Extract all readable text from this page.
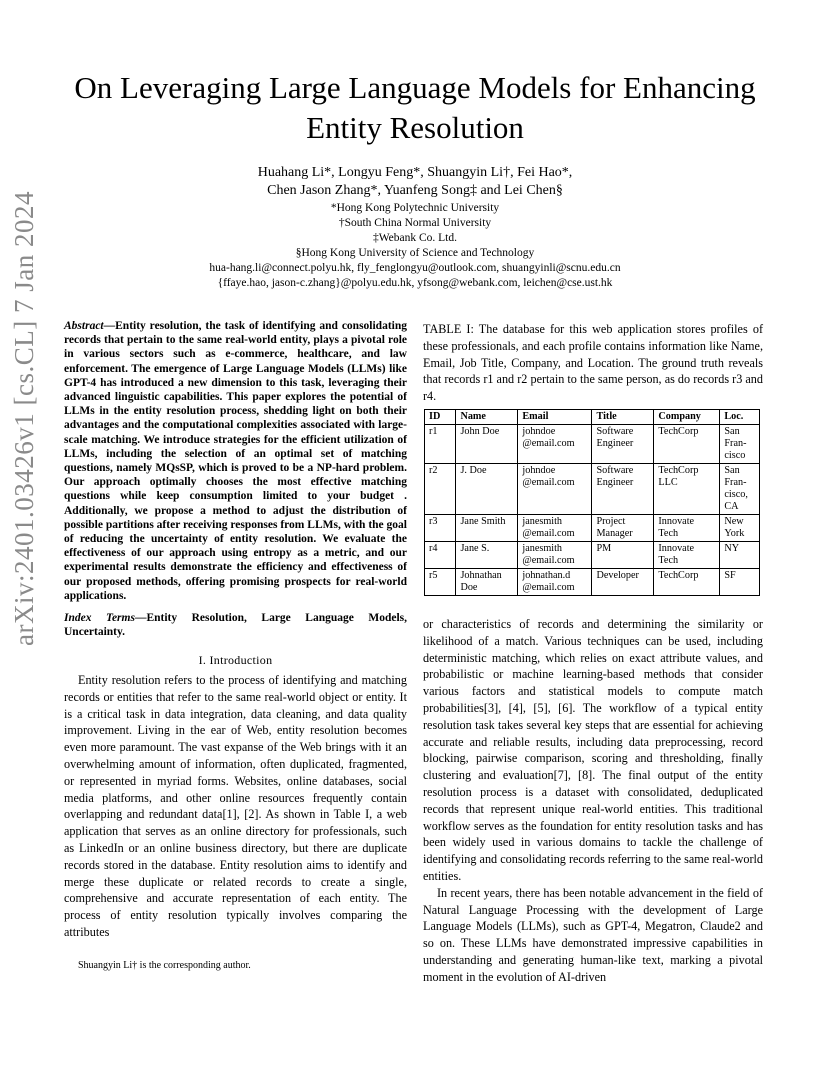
arXiv:2401.03426v1 [cs.CL] 7 Jan 2024
On Leveraging Large Language Models for Enhancing Entity Resolution
Huahang Li*, Longyu Feng*, Shuangyin Li†, Fei Hao*,
Chen Jason Zhang*, Yuanfeng Song‡ and Lei Chen§
*Hong Kong Polytechnic University
†South China Normal University
‡Webank Co. Ltd.
§Hong Kong University of Science and Technology
hua-hang.li@connect.polyu.hk, fly_fenglongyu@outlook.com, shuangyinli@scnu.edu.cn
{ffaye.hao, jason-c.zhang}@polyu.edu.hk, yfsong@webank.com, leichen@cse.ust.hk
Abstract—Entity resolution, the task of identifying and consolidating records that pertain to the same real-world entity, plays a pivotal role in various sectors such as e-commerce, healthcare, and law enforcement. The emergence of Large Language Models (LLMs) like GPT-4 has introduced a new dimension to this task, leveraging their advanced linguistic capabilities. This paper explores the potential of LLMs in the entity resolution process, shedding light on both their advantages and the computational complexities associated with large-scale matching. We introduce strategies for the efficient utilization of LLMs, including the selection of an optimal set of matching questions, namely MQsSP, which is proved to be a NP-hard problem. Our approach optimally chooses the most effective matching questions while keep consumption limited to your budget . Additionally, we propose a method to adjust the distribution of possible partitions after receiving responses from LLMs, with the goal of reducing the uncertainty of entity resolution. We evaluate the effectiveness of our approach using entropy as a metric, and our experimental results demonstrate the efficiency and effectiveness of our proposed methods, offering promising prospects for real-world applications.
Index Terms—Entity Resolution, Large Language Models, Uncertainty.
I. Introduction

Entity resolution refers to the process of identifying and matching records or entities that refer to the same real-world object or entity. It is a critical task in data integration, data cleaning, and data quality improvement. Living in the ear of Web, entity resolution becomes even more paramount. The vast expanse of the Web brings with it an overwhelming amount of information, often duplicated, fragmented, or represented in myriad forms. Websites, online databases, social media platforms, and other online resources frequently contain overlapping and redundant data[1], [2]. As shown in Table I, a web application that serves as an online directory for professionals, such as LinkedIn or an online business directory, but there are duplicate records stored in the database. Entity resolution aims to identify and merge these duplicate or related records to create a single, comprehensive and accurate representation of each entity. The process of entity resolution typically involves comparing the attributes

Shuangyin Li† is the corresponding author.
TABLE I: The database for this web application stores profiles of these professionals, and each profile contains information like Name, Email, Job Title, Company, and Location. The ground truth reveals that records r1 and r2 pertain to the same person, as do records r3 and r4.
ID	Name	Email	Title	Company	Loc.
r1	John Doe	johndoe @email.com	Software Engineer	TechCorp	San Fran- cisco
r2	J. Doe	johndoe @email.com	Software Engineer	TechCorp LLC	San Fran- cisco, CA
r3	Jane Smith	janesmith @email.com	Project Manager	Innovate Tech	New York
r4	Jane S.	janesmith @email.com	PM	Innovate Tech	NY
r5	Johnathan Doe	johnathan.d @email.com	Developer	TechCorp	SF

or characteristics of records and determining the similarity or likelihood of a match. Various techniques can be used, including deterministic matching, which relies on exact attribute values, and probabilistic or machine learning-based methods that consider various factors and statistical models to compute match probabilities[3], [4], [5], [6]. The workflow of a typical entity resolution task takes several key steps that are essential for achieving accurate and reliable results, including data preprocessing, record blocking, pairwise comparison, scoring and thresholding, finally clustering and evaluation[7], [8]. The final output of the entity resolution process is a dataset with consolidated, deduplicated records that represent unique real-world entities. This traditional workflow serves as the foundation for entity resolution tasks and has been widely used in various domains to tackle the challenge of identifying and consolidating records referring to the same real-world entities.

In recent years, there has been notable advancement in the field of Natural Language Processing with the development of Large Language Models (LLMs), such as GPT-4, Megatron, Claude2 and so on. These LLMs have demonstrated impressive capabilities in understanding and generating human-like text, marking a pivotal moment in the evolution of AI-driven
